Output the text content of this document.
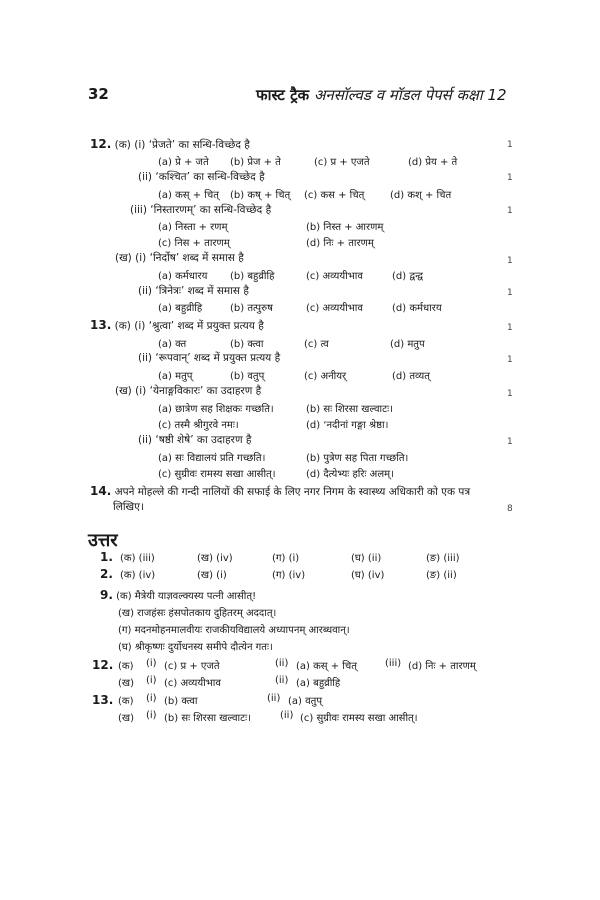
32	फास्ट ट्रैक अनसॉल्वड व मॉडल पेपर्स कक्षा 12
12. (क) (i) ‘प्रेजते’ का सन्धि-विच्छेद है	1
(a) प्रे + जते (b) प्रेज + ते	(c) प्र + एजते	(d) प्रेय + ते
(ii) ‘कश्चित’ का सन्धि-विच्छेद है	1
(a) कस् + चित् (b) कष् + चित् (c) कस + चित्	(d) कश् + चित
(iii) ‘निस्तारणम्’ का सन्धि-विच्छेद है	1
(a) निस्ता + रणम्	(b) निस्त + आरणम्
(c) निस + तारणम्	(d) निः + तारणम्
(ख) (i) ‘निर्दोष’ शब्द में समास है	1
(a) कर्मधारय (b) बहुव्रीहि	(c) अव्ययीभाव	(d) द्वन्द्व
(ii) ‘त्रिनेत्रः’ शब्द में समास है	1
(a) बहुव्रीहि	(b) तत्पुरुष	(c) अव्ययीभाव	(d) कर्मधारय
13. (क) (i) ‘श्रुत्वा’ शब्द में प्रयुक्त प्रत्यय है	1
(a) क्त	(b) क्त्वा	(c) त्व	(d) मतुप
(ii) ‘रूपवान्’ शब्द में प्रयुक्त प्रत्यय है	1
(a) मतुप्	(b) वतुप्	(c) अनीयर्	(d) तव्यत्
(ख) (i) ‘येनाङ्गविकारः’ का उदाहरण है	1
(a) छात्रेण सह शिक्षकः गच्छति।	(b) सः शिरसा खल्वाटः।
(c) तस्मै श्रीगुरवे नमः।	(d) ‘नदीनां गङ्गा श्रेष्ठा।
(ii) ‘षष्ठी शेषे’ का उदाहरण है	1
(a) सः विद्यालयं प्रति गच्छति।	(b) पुत्रेण सह पिता गच्छति।
(c) सुग्रीवः रामस्य सखा आसीत्।	(d) दैत्येभ्यः हरिः अलम्।
14. अपने मोहल्ले की गन्दी नालियों की सफाई के लिए नगर निगम के स्वास्थ्य अधिकारी को एक पत्र
लिखिए।	8
उत्तर
1. (क) (iii)	(ख) (iv)	(ग) (i)	(घ) (ii)	(ङ) (iii)
2. (क) (iv)	(ख) (i)	(ग) (iv)	(घ) (iv)	(ङ) (ii)
9. (क) मैत्रेयी याज्ञवल्क्यस्य पत्नी आसीत्!
(ख) राजहंसः हंसपोतकाय दुहितरम् अददात्।
(ग) मदनमोहनमालवीयः राजकीयविद्यालये अध्यापनम् आरब्धवान्।
(घ) श्रीकृष्णः दुर्योधनस्य समीपे दौत्येन गतः।
12. (क) (i) (c) प्र + एजते	(ii) (a) कस् + चित्	(iii) (d) निः + तारणम्
(ख) (i) (c) अव्ययीभाव	(ii) (a) बहुव्रीहि
13. (क) (i) (b) क्त्वा	(ii) (a) वतुप्
(ख) (i) (b) सः शिरसा खल्वाटः।	(ii) (c) सुग्रीवः रामस्य सखा आसीत्।
